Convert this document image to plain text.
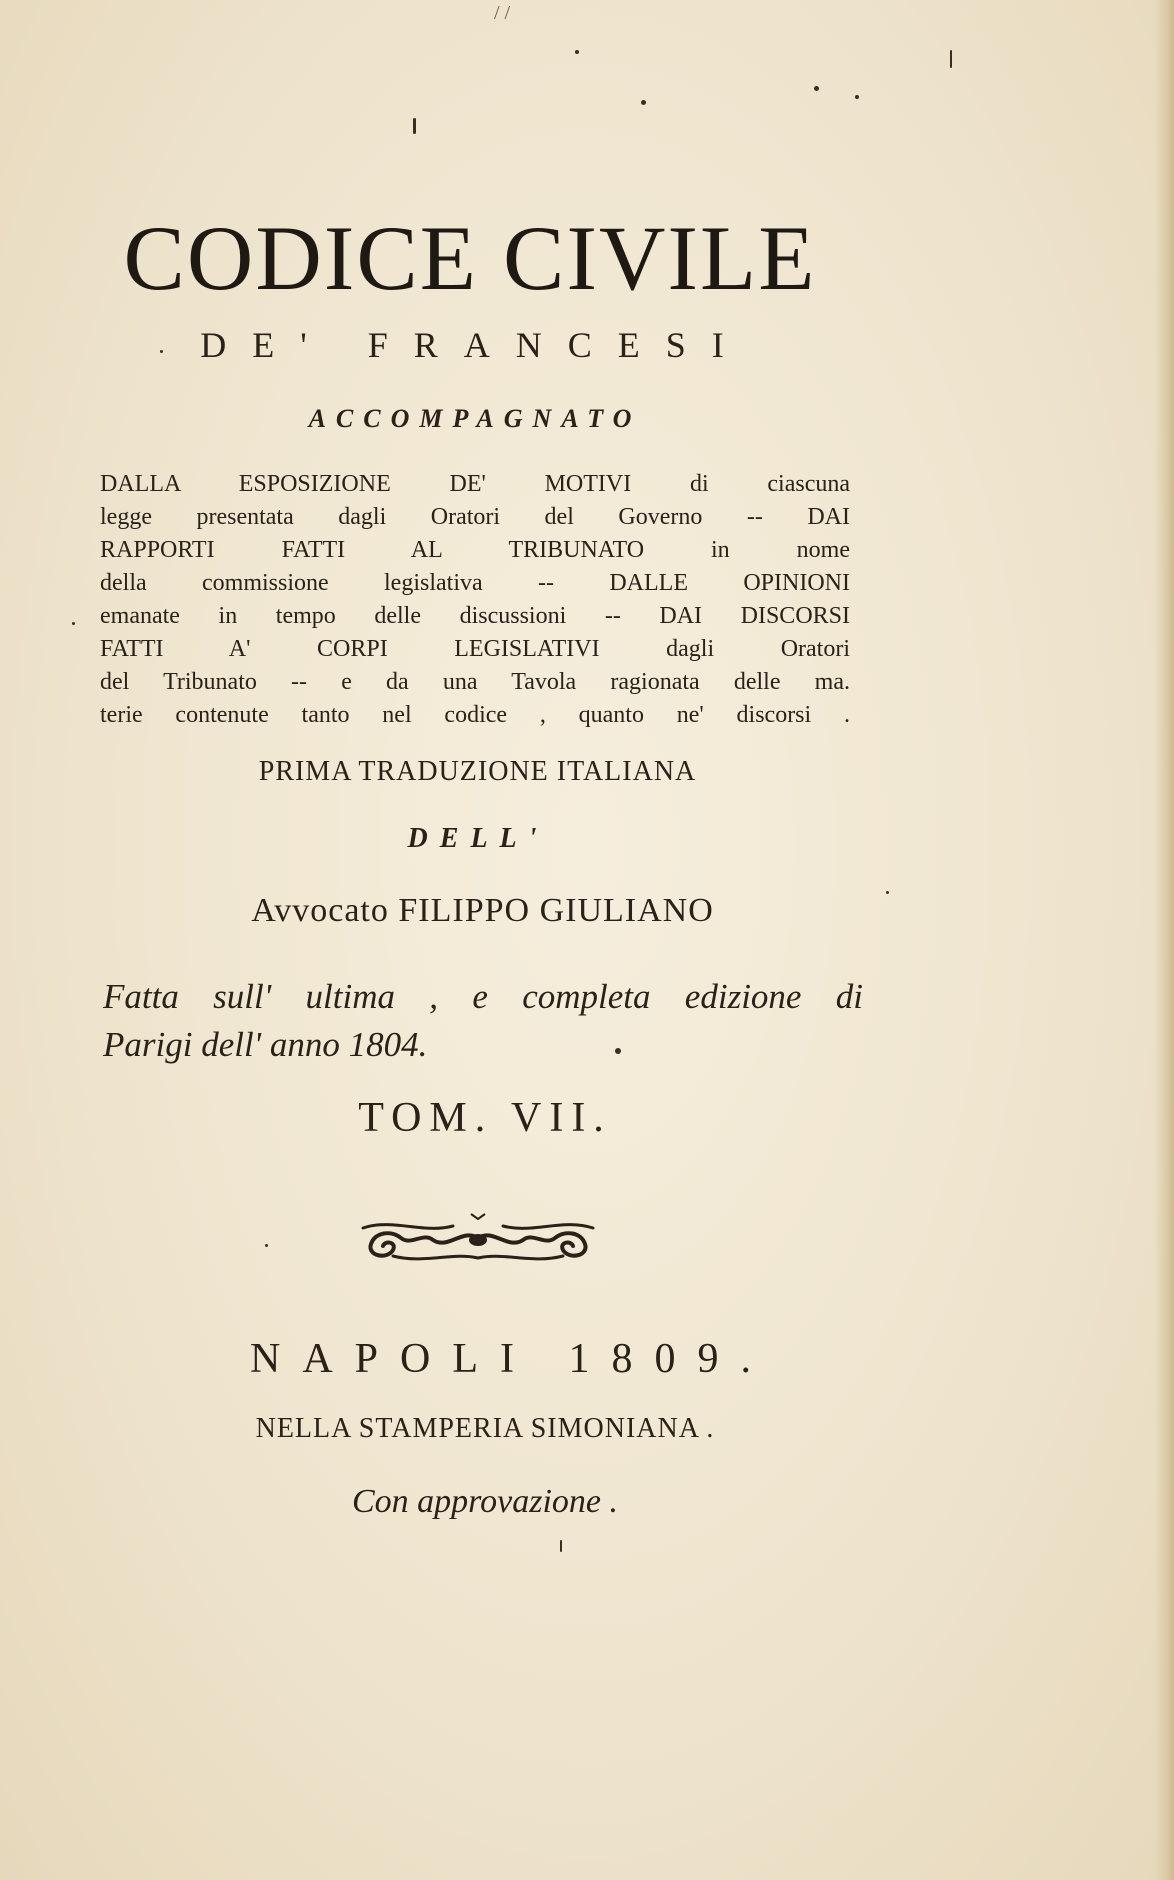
/ /
CODICE CIVILE
DE' FRANCESI
ACCOMPAGNATO
DALLA ESPOSIZIONE DE' MOTIVI di ciascuna
legge presentata dagli Oratori del Governo -- DAI
RAPPORTI FATTI AL TRIBUNATO in nome
della commissione legislativa -- DALLE OPINIONI
emanate in tempo delle discussioni -- DAI DISCORSI
FATTI A' CORPI LEGISLATIVI dagli Oratori
del Tribunato -- e da una Tavola ragionata delle ma.
terie contenute tanto nel codice , quanto ne' discorsi .
PRIMA TRADUZIONE ITALIANA
DELL'
Avvocato FILIPPO GIULIANO
Fatta sull' ultima , e completa edizione di
Parigi dell' anno 1804.
TOM. VII.
NAPOLI 1809.
NELLA STAMPERIA SIMONIANA .
Con approvazione .
